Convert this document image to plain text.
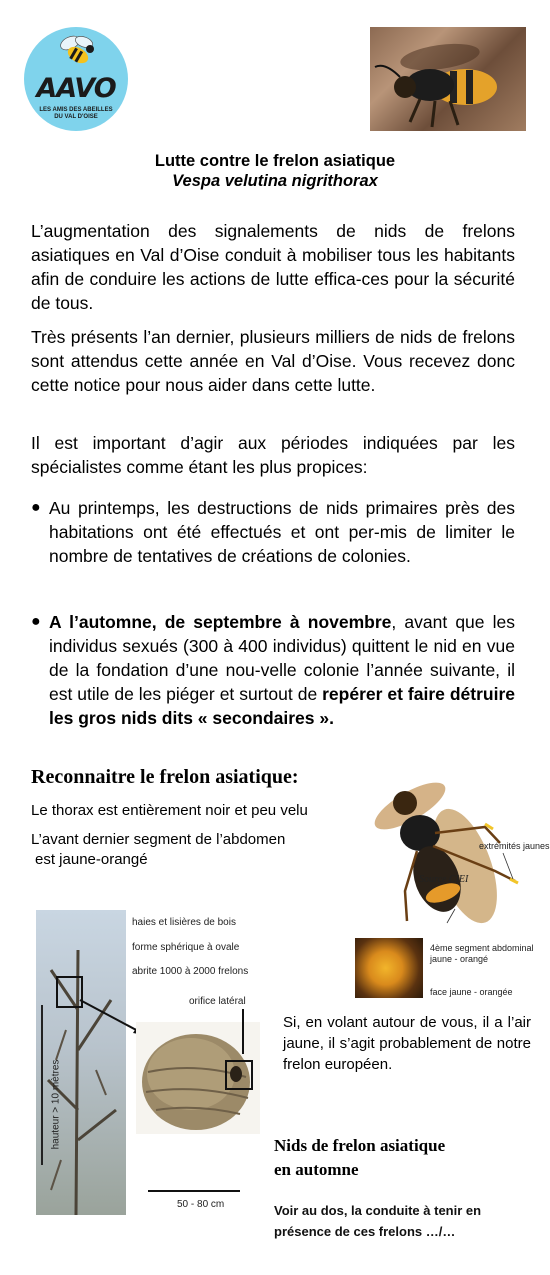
AAVO
LES AMIS DES ABEILLES
DU VAL D'OISE
Lutte contre le frelon asiatique
Vespa velutina nigrithorax
L’augmentation des signalements de nids de frelons asiatiques en Val d’Oise conduit à mobiliser tous les habitants afin de conduire les actions de lutte effica-ces pour la sécurité de tous.
Très présents l’an dernier, plusieurs milliers de nids de frelons sont attendus cette année en Val d’Oise. Vous recevez donc cette notice pour nous aider dans cette lutte.
Il est important d’agir aux périodes indiquées par les spécialistes comme étant les plus propices:
● Au printemps, les destructions de nids primaires près des habitations ont été effectués et ont per-mis de limiter le nombre de tentatives de créations de colonies.
● A l’automne, de septembre à novembre, avant que les individus sexués (300 à 400 individus) quittent le nid en vue de la fondation d’une nou-velle colonie l’année suivante, il est utile de les piéger et surtout de repérer et faire détruire les gros nids dits « secondaires ».
Reconnaitre le frelon asiatique:
Le thorax est entièrement noir et peu velu
L’avant dernier segment de l’abdomen
est jaune-orangé
extrémités jaunes
Source CIEI
4ème segment abdominal
jaune - orangé
face jaune - orangée
hauteur > 10 mètres
haies et lisières de bois
forme sphérique à ovale
abrite 1000 à 2000 frelons
orifice latéral
50 - 80 cm
Si, en volant autour de vous, il a l’air jaune, il s’agit probablement de notre frelon européen.
Nids de frelon asiatique
en automne
Voir au dos, la conduite à tenir en
présence de ces frelons …/…
